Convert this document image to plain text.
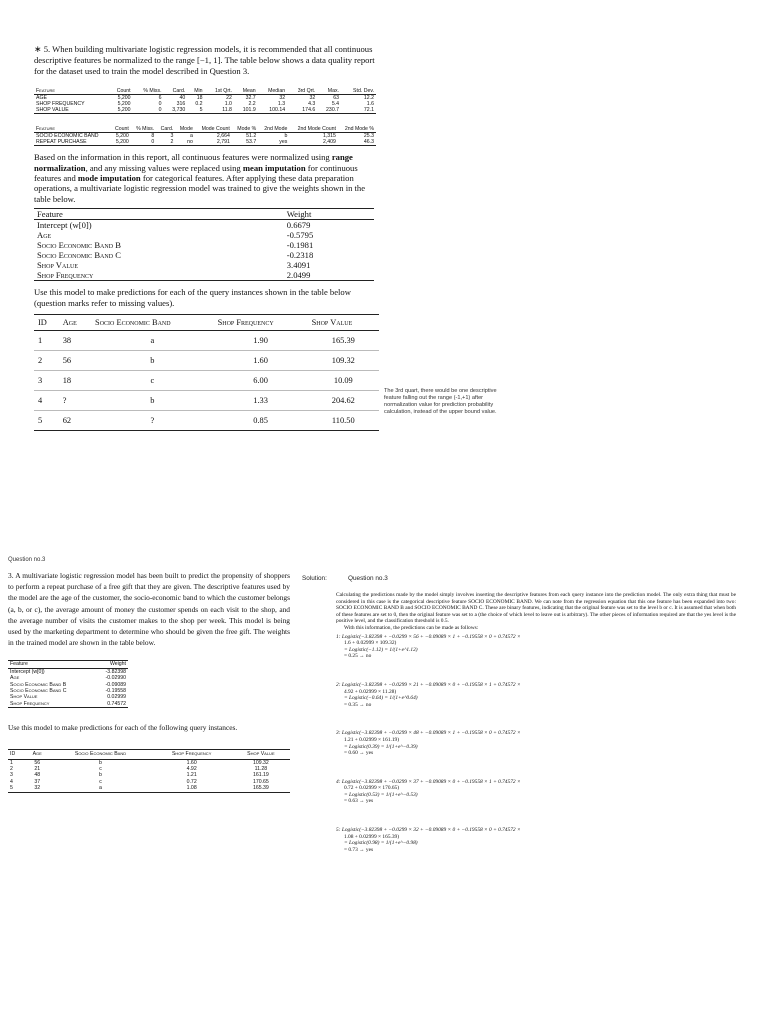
∗ 5. When building multivariate logistic regression models, it is recommended that all continuous descriptive features be normalized to the range [−1, 1]. The table below shows a data quality report for the dataset used to train the model described in Question 3.

Feature	Count	% Miss.	Card.	Min	1st Qrt.	Mean	Median	3rd Qrt.	Max.	Std. Dev.
AGE	5,200	6	40	18	22	32.7	32	32	63	12.2
SHOP FREQUENCY	5,200	0	316	0.2	1.0	2.2	1.3	4.3	5.4	1.6
SHOP VALUE	5,200	0	3,730	5	11.8	101.9	100.14	174.6	230.7	72.1
Feature	Count	% Miss.	Card.	Mode	Mode Count	Mode %	2nd Mode	2nd Mode Count	2nd Mode %
SOCIO ECONOMIC BAND	5,200	8	3	a	2,664	51.2	b	1,315	25.3
REPEAT PURCHASE	5,200	0	2	no	2,791	53.7	yes	2,409	46.3

Based on the information in this report, all continuous features were normalized using range normalization, and any missing values were replaced using mean imputation for continuous features and mode imputation for categorical features. After applying these data preparation operations, a multivariate logistic regression model was trained to give the weights shown in the table below.

Feature	Weight
Intercept (w[0])	0.6679
Age	-0.5795
Socio Economic Band B	-0.1981
Socio Economic Band C	-0.2318
Shop Value	3.4091
Shop Frequency	2.0499

Use this model to make predictions for each of the query instances shown in the table below (question marks refer to missing values).

ID	Age	Socio Economic Band	Shop Frequency	Shop Value
1	38	a	1.90	165.39
2	56	b	1.60	109.32
3	18	c	6.00	10.09
4	?	b	1.33	204.62
5	62	?	0.85	110.50

The 3rd quart, there would be one descriptive feature falling out the range (-1,+1) after normalization value for prediction probability calculation, instead of the upper bound value.

Question no.3

3. A multivariate logistic regression model has been built to predict the propensity of shoppers to perform a repeat purchase of a free gift that they are given. The descriptive features used by the model are the age of the customer, the socio-economic band to which the customer belongs (a, b, or c), the average amount of money the customer spends on each visit to the shop, and the average number of visits the customer makes to the shop per week. This model is being used by the marketing department to determine who should be given the free gift. The weights in the trained model are shown in the table below.

Feature	Weight
Intercept (w[0])	-3.82398
Age	-0.02990
Socio Economic Band B	-0.09089
Socio Economic Band C	-0.19558
Shop Value	0.02999
Shop Frequency	0.74572

Use this model to make predictions for each of the following query instances.

ID	Age	Socio Economic Band	Shop Frequency	Shop Value
1	56	b	1.60	109.32
2	21	c	4.92	11.28
3	48	b	1.21	161.19
4	37	c	0.72	170.65
5	32	a	1.08	165.39
Solution:	Question no.3

Calculating the predictions made by the model simply involves inserting the descriptive features from each query instance into the prediction model. The only extra thing that must be considered in this case is the categorical descriptive feature SOCIO ECONOMIC BAND. We can note from the regression equation that this one feature has been expanded into two: SOCIO ECONOMIC BAND B and SOCIO ECONOMIC BAND C. These are binary features, indicating that the original feature was set to the level b or c. It is assumed that when both of these features are set to 0, then the original feature was set to a (the choice of which level to leave out is arbitrary). The other pieces of information required are that the yes level is the positive level, and the classification threshold is 0.5.

With this information, the predictions can be made as follows:

1: Logistic(−3.82398 + −0.0299 × 56 + −0.09089 × 1 + −0.19558 × 0 + 0.74572 ×
1.6 + 0.02999 × 109.32)
= Logistic(−1.12) = 1/(1+e^1.12)
= 0.25 → no
2: Logistic(−3.82398 + −0.0299 × 21 + −0.09089 × 0 + −0.19558 × 1 + 0.74572 ×
4.92 + 0.02999 × 11.28)
= Logistic(−0.64) = 1/(1+e^0.64)
= 0.35 → no
3: Logistic(−3.82398 + −0.0299 × 48 + −0.09089 × 1 + −0.19558 × 0 + 0.74572 ×
1.21 + 0.02999 × 161.19)
= Logistic(0.39) = 1/(1+e^−0.39)
= 0.60 → yes
4: Logistic(−3.82398 + −0.0299 × 37 + −0.09089 × 0 + −0.19558 × 1 + 0.74572 ×
0.72 + 0.02999 × 170.65)
= Logistic(0.53) = 1/(1+e^−0.53)
= 0.63 → yes
5: Logistic(−3.82398 + −0.0299 × 32 + −0.09089 × 0 + −0.19558 × 0 + 0.74572 ×
1.08 + 0.02999 × 165.39)
= Logistic(0.98) = 1/(1+e^−0.98)
= 0.73 → yes
